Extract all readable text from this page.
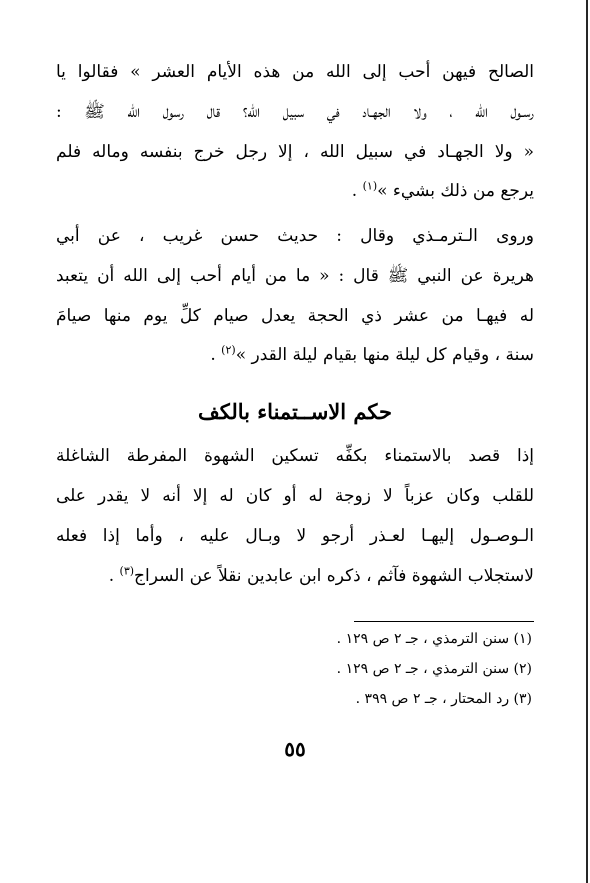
الصالح فيهن أحب إلى الله من هذه الأيام العشر » فقالوا يا
رسـول الله ، ولا الجهـاد في سبيل الله؟ قال رسول الله ﷺ :
« ولا الجهـاد في سبيل الله ، إلا رجل خرج بنفسه وماله فلم
يرجع من ذلك بشيء »$^{(١)}$ .
وروى الـترمـذي وقال : حديث حسن غريب ، عن أبي
هريرة عن النبي ﷺ قال : « ما من أيام أحب إلى الله أن يتعبد
له فيهـا من عشر ذي الحجة يعدل صيام كلِّ يوم منها صيامَ
سنة ، وقيام كل ليلة منها بقيام ليلة القدر »$^{(٢)}$ .
حكم الاســتمناء بالكف
إذا قصد بالاستمناء بكفِّه تسكين الشهوة المفرطة الشاغلة
للقلب وكان عزباً لا زوجة له أو كان له إلا أنه لا يقدر على
الـوصـول إليهـا لعـذر أرجو لا وبـال عليه ، وأما إذا فعله
لاستجلاب الشهوة فآثم ، ذكره ابن عابدين نقلاً عن السراج$^{(٣)}$ .
(١) سنن الترمذي ، جـ ٢ ص ١٢٩ .
(٢) سنن الترمذي ، جـ ٢ ص ١٢٩ .
(٣) رد المحتار ، جـ ٢ ص ٣٩٩ .
٥٥
